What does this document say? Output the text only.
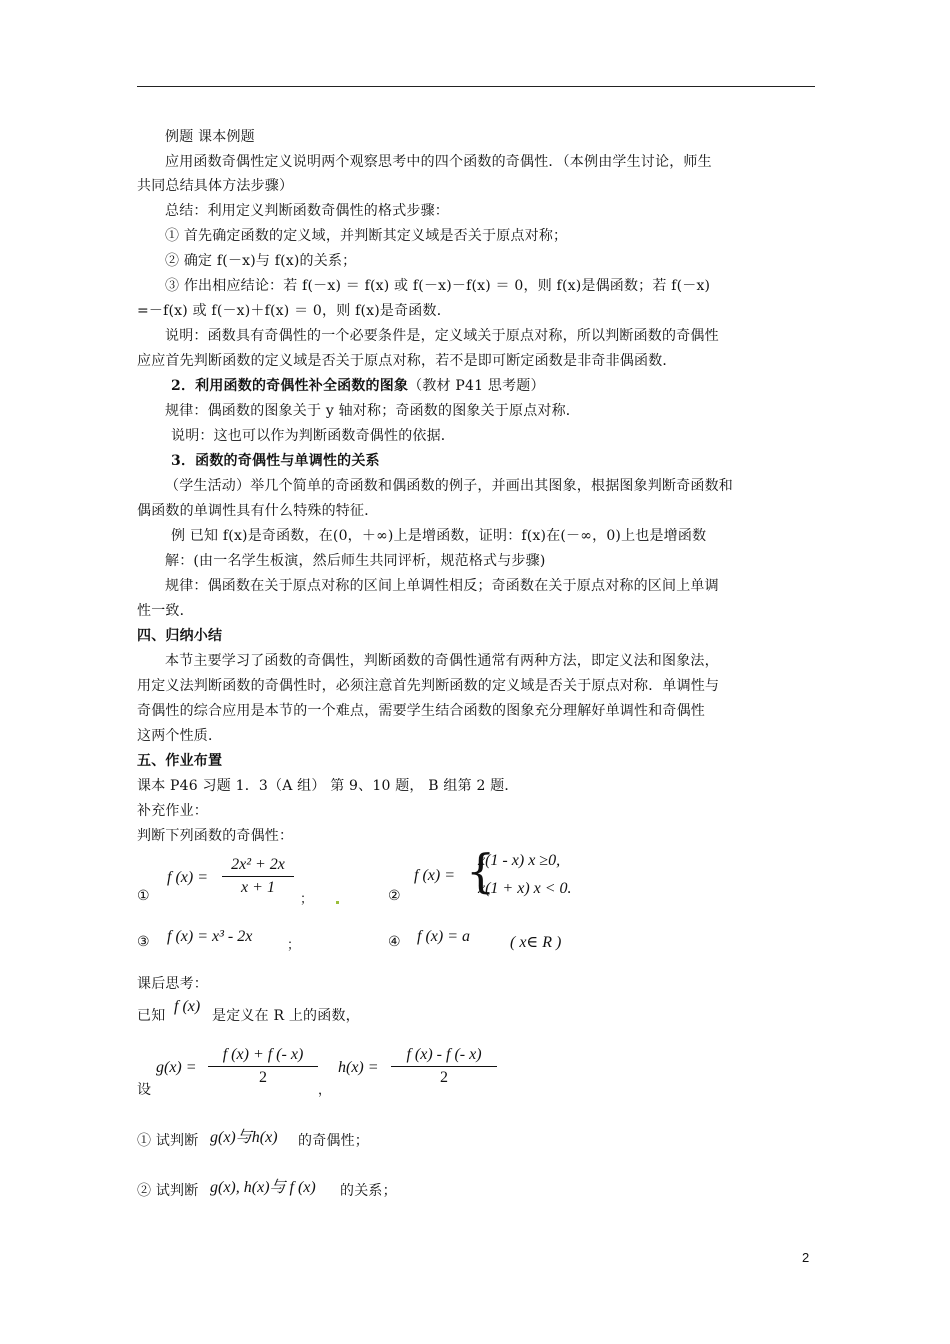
例题 课本例题
应用函数奇偶性定义说明两个观察思考中的四个函数的奇偶性．（本例由学生讨论，师生
共同总结具体方法步骤）
总结：利用定义判断函数奇偶性的格式步骤：
① 首先确定函数的定义域，并判断其定义域是否关于原点对称；
② 确定 f(－x)与 f(x)的关系；
③ 作出相应结论：若 f(－x) ＝ f(x) 或 f(－x)－f(x) ＝ 0，则 f(x)是偶函数；若 f(－x)
=－f(x) 或 f(－x)＋f(x) ＝ 0，则 f(x)是奇函数．
说明：函数具有奇偶性的一个必要条件是，定义域关于原点对称，所以判断函数的奇偶性
应应首先判断函数的定义域是否关于原点对称，若不是即可断定函数是非奇非偶函数．
2．利用函数的奇偶性补全函数的图象（教材 P41 思考题）
规律：偶函数的图象关于 y 轴对称；奇函数的图象关于原点对称．
说明：这也可以作为判断函数奇偶性的依据．
3．函数的奇偶性与单调性的关系
（学生活动）举几个简单的奇函数和偶函数的例子，并画出其图象，根据图象判断奇函数和
偶函数的单调性具有什么特殊的特征．
例 已知 f(x)是奇函数，在(0，＋∞)上是增函数，证明：f(x)在(－∞，0)上也是增函数
解：(由一名学生板演，然后师生共同评析，规范格式与步骤)
规律：偶函数在关于原点对称的区间上单调性相反；奇函数在关于原点对称的区间上单调
性一致．
四、归纳小结
本节主要学习了函数的奇偶性，判断函数的奇偶性通常有两种方法，即定义法和图象法，
用定义法判断函数的奇偶性时，必须注意首先判断函数的定义域是否关于原点对称．单调性与
奇偶性的综合应用是本节的一个难点，需要学生结合函数的图象充分理解好单调性和奇偶性
这两个性质．
五、作业布置
课本 P46 习题 1．3（A 组） 第 9、10 题， B 组第 2 题．
补充作业：
判断下列函数的奇偶性：
①
f (x) =
2x² + 2x
x + 1
；	②
f (x) = {
x(1 - x) x ≥0,
x(1 + x) x < 0.
③ f (x) = x³ - 2x	；	④ f (x) = a	( x∈ R )
课后思考：
已知
f (x)
是定义在 R 上的函数，
设
g(x) =
f (x) + f (- x)
2
，
h(x) =
f (x) - f (- x)
2
① 试判断 g(x)与h(x) 的奇偶性；
② 试判断 g(x), h(x)与 f (x) 的关系；
2
